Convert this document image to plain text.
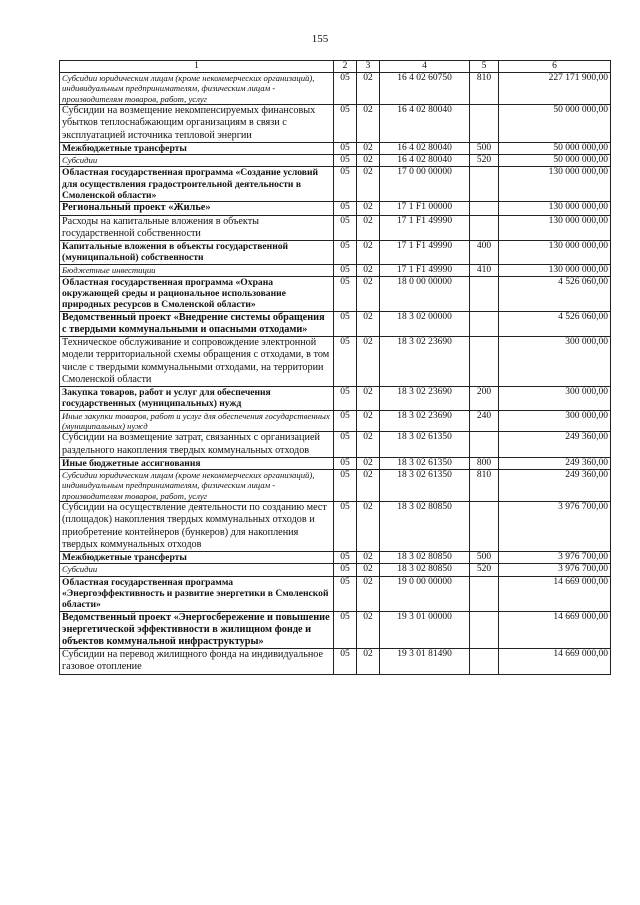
155
1	2	3	4	5	6
Субсидии юридическим лицам (кроме некоммерческих организаций), индивидуальным предпринимателям, физическим лицам - производителям товаров, работ, услуг	05	02	16 4 02 60750	810	227 171 900,00
Субсидии на возмещение некомпенсируемых финансовых убытков теплоснабжающим организациям в связи с эксплуатацией источника тепловой энергии	05	02	16 4 02 80040		50 000 000,00
Межбюджетные трансферты	05	02	16 4 02 80040	500	50 000 000,00
Субсидии	05	02	16 4 02 80040	520	50 000 000,00
Областная государственная программа «Создание условий для осуществления градостроительной деятельности в Смоленской области»	05	02	17 0 00 00000		130 000 000,00
Региональный проект «Жилье»	05	02	17 1 F1 00000		130 000 000,00
Расходы на капитальные вложения в объекты государственной собственности	05	02	17 1 F1 49990		130 000 000,00
Капитальные вложения в объекты государственной (муниципальной) собственности	05	02	17 1 F1 49990	400	130 000 000,00
Бюджетные инвестиции	05	02	17 1 F1 49990	410	130 000 000,00
Областная государственная программа «Охрана окружающей среды и рациональное использование природных ресурсов в Смоленской области»	05	02	18 0 00 00000		4 526 060,00
Ведомственный проект «Внедрение системы обращения с твердыми коммунальными и опасными отходами»	05	02	18 3 02 00000		4 526 060,00
Техническое обслуживание и сопровождение электронной модели территориальной схемы обращения с отходами, в том числе с твердыми коммунальными отходами, на территории Смоленской области	05	02	18 3 02 23690		300 000,00
Закупка товаров, работ и услуг для обеспечения государственных (муниципальных) нужд	05	02	18 3 02 23690	200	300 000,00
Иные закупки товаров, работ и услуг для обеспечения государственных (муниципальных) нужд	05	02	18 3 02 23690	240	300 000,00
Субсидии на возмещение затрат, связанных с организацией раздельного накопления твердых коммунальных отходов	05	02	18 3 02 61350		249 360,00
Иные бюджетные ассигнования	05	02	18 3 02 61350	800	249 360,00
Субсидии юридическим лицам (кроме некоммерческих организаций), индивидуальным предпринимателям, физическим лицам - производителям товаров, работ, услуг	05	02	18 3 02 61350	810	249 360,00
Субсидии на осуществление деятельности по созданию мест (площадок) накопления твердых коммунальных отходов и приобретение контейнеров (бункеров) для накопления твердых коммунальных отходов	05	02	18 3 02 80850		3 976 700,00
Межбюджетные трансферты	05	02	18 3 02 80850	500	3 976 700,00
Субсидии	05	02	18 3 02 80850	520	3 976 700,00
Областная государственная программа «Энергоэффективность и развитие энергетики в Смоленской области»	05	02	19 0 00 00000		14 669 000,00
Ведомственный проект «Энергосбережение и повышение энергетической эффективности в жилищном фонде и объектов коммунальной инфраструктуры»	05	02	19 3 01 00000		14 669 000,00
Субсидии на перевод жилищного фонда на индивидуальное газовое отопление	05	02	19 3 01 81490		14 669 000,00
